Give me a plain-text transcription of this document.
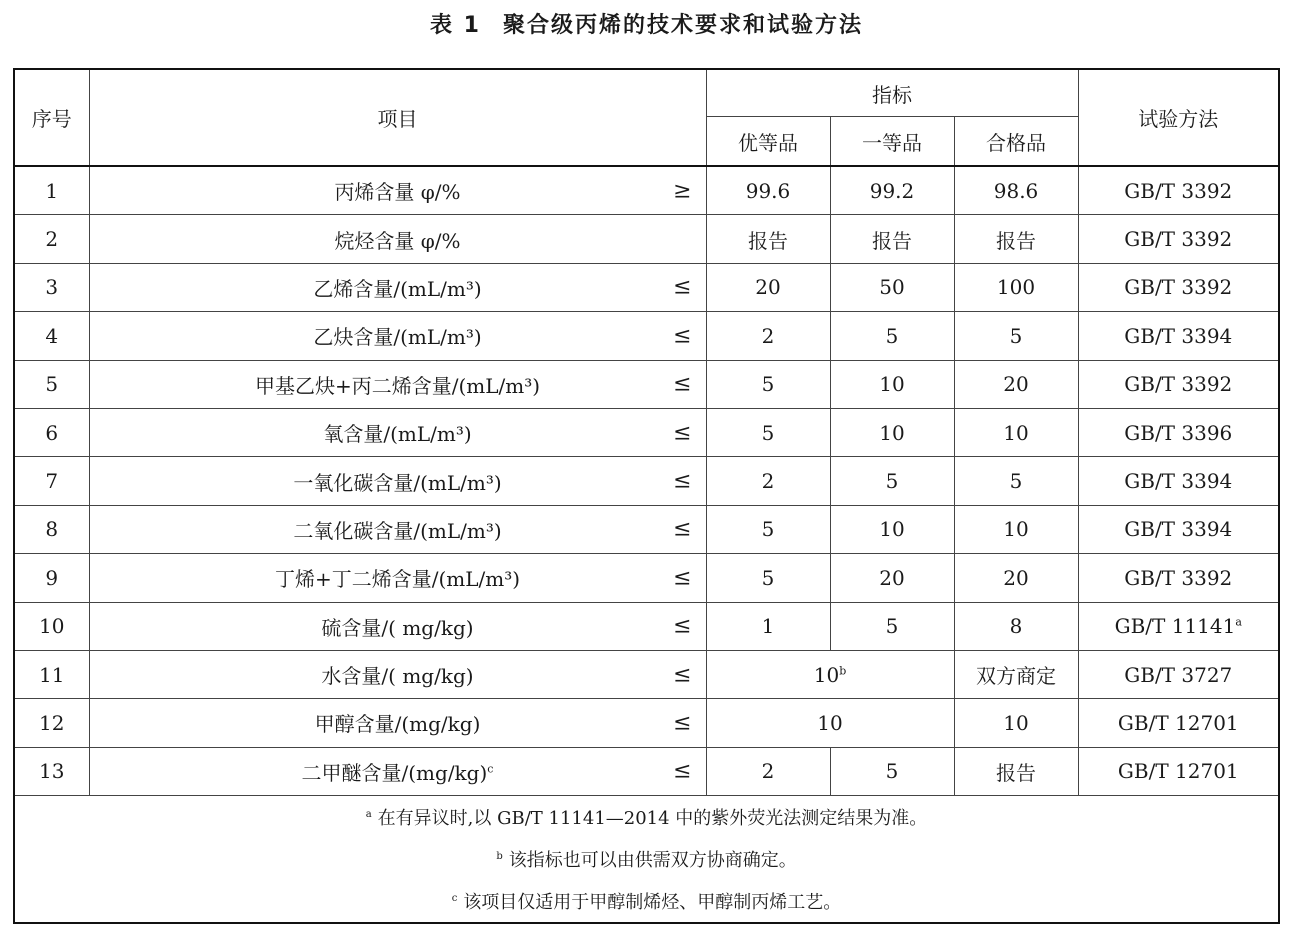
表 1 聚合级丙烯的技术要求和试验方法
序号	项目	指标			试验方法
		优等品	一等品	合格品	
1	丙烯含量 φ/% ≥	99.6	99.2	98.6	GB/T 3392
2	烷烃含量 φ/%	报告	报告	报告	GB/T 3392
3	乙烯含量/(mL/m³) ≤	20	50	100	GB/T 3392
4	乙炔含量/(mL/m³) ≤	2	5	5	GB/T 3394
5	甲基乙炔+丙二烯含量/(mL/m³) ≤	5	10	20	GB/T 3392
6	氧含量/(mL/m³) ≤	5	10	10	GB/T 3396
7	一氧化碳含量/(mL/m³) ≤	2	5	5	GB/T 3394
8	二氧化碳含量/(mL/m³) ≤	5	10	10	GB/T 3394
9	丁烯+丁二烯含量/(mL/m³) ≤	5	20	20	GB/T 3392
10	硫含量/( mg/kg) ≤	1	5	8	GB/T 11141$^a$
11	水含量/( mg/kg) ≤	$10^b$		双方商定	GB/T 3727
12	甲醇含量/(mg/kg) ≤	10		10	GB/T 12701
13	二甲醚含量$/(mg/kg)^c$ ≤	2	5	报告	GB/T 12701

$^a$ 在有异议时,以 GB/T 11141—2014 中的紫外荧光法测定结果为准。
$^b$ 该指标也可以由供需双方协商确定。
$^c$ 该项目仅适用于甲醇制烯烃、甲醇制丙烯工艺。					
